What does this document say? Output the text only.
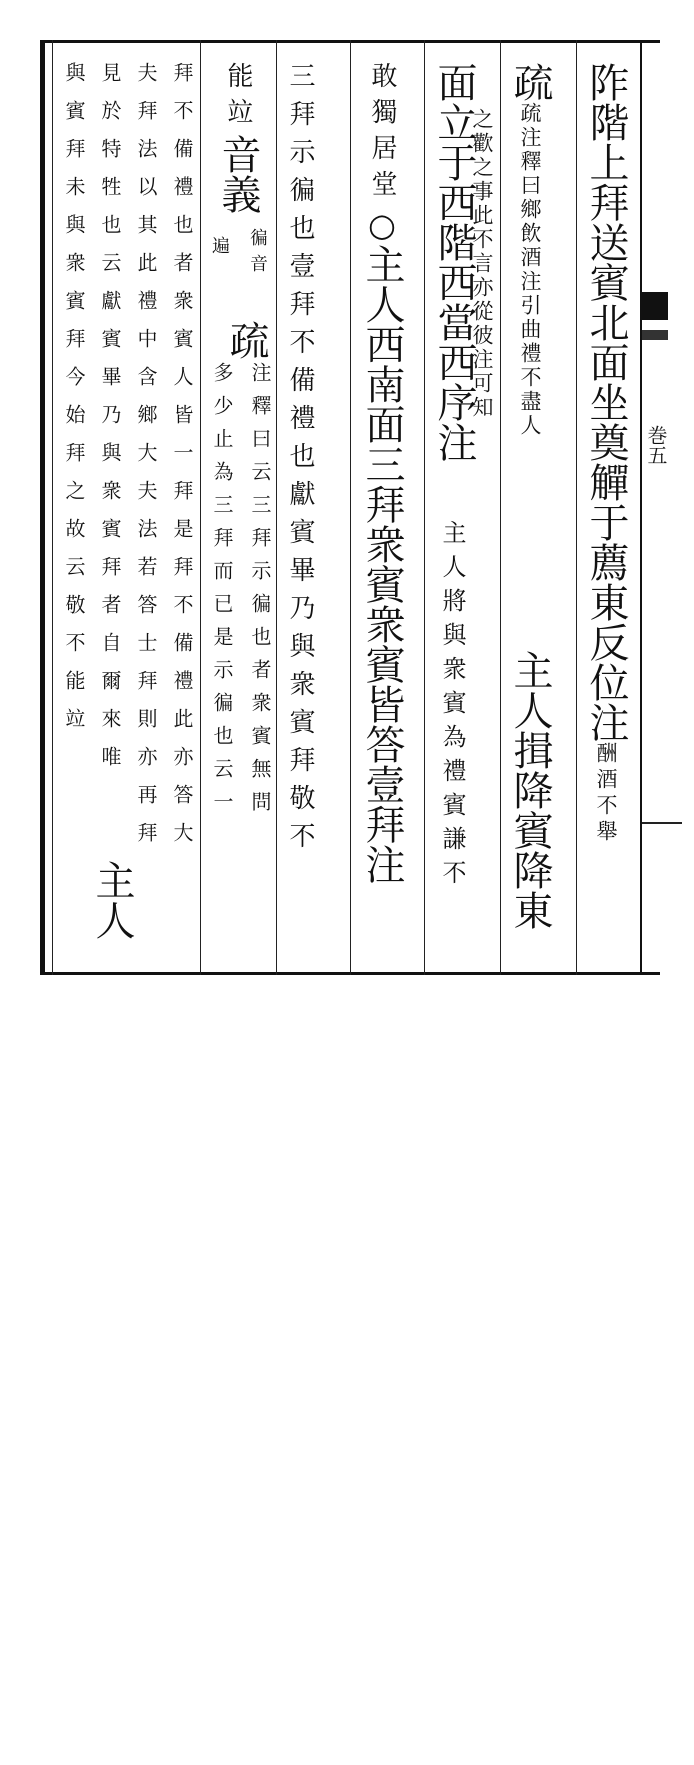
巻五
阼階上拜送賓北面坐奠觶于薦東反位注酬酒不舉
疏疏注釋曰鄉飲酒注引曲禮不盡人
之歡之事此不言亦從彼注可知
主人揖降賓降東
面立于西階西當西序注
主人將與衆賓為禮賓謙不
敢獨居堂○主人西南面三拜衆賓衆賓皆答壹拜注
三拜示徧也壹拜不備禮也獻賓畢乃與衆賓拜敬不
能竝音義
徧音
遍
疏
注釋曰云三拜示徧也者衆賓無問
多少止為三拜而已是示徧也云一
拜不備禮也者衆賓人皆一拜是拜不備禮此亦答大
夫拜法以其此禮中含鄉大夫法若答士拜則亦再拜
見於特牲也云獻賓畢乃與衆賓拜者自爾來唯
與賓拜未與衆賓拜今始拜之故云敬不能竝
主人
